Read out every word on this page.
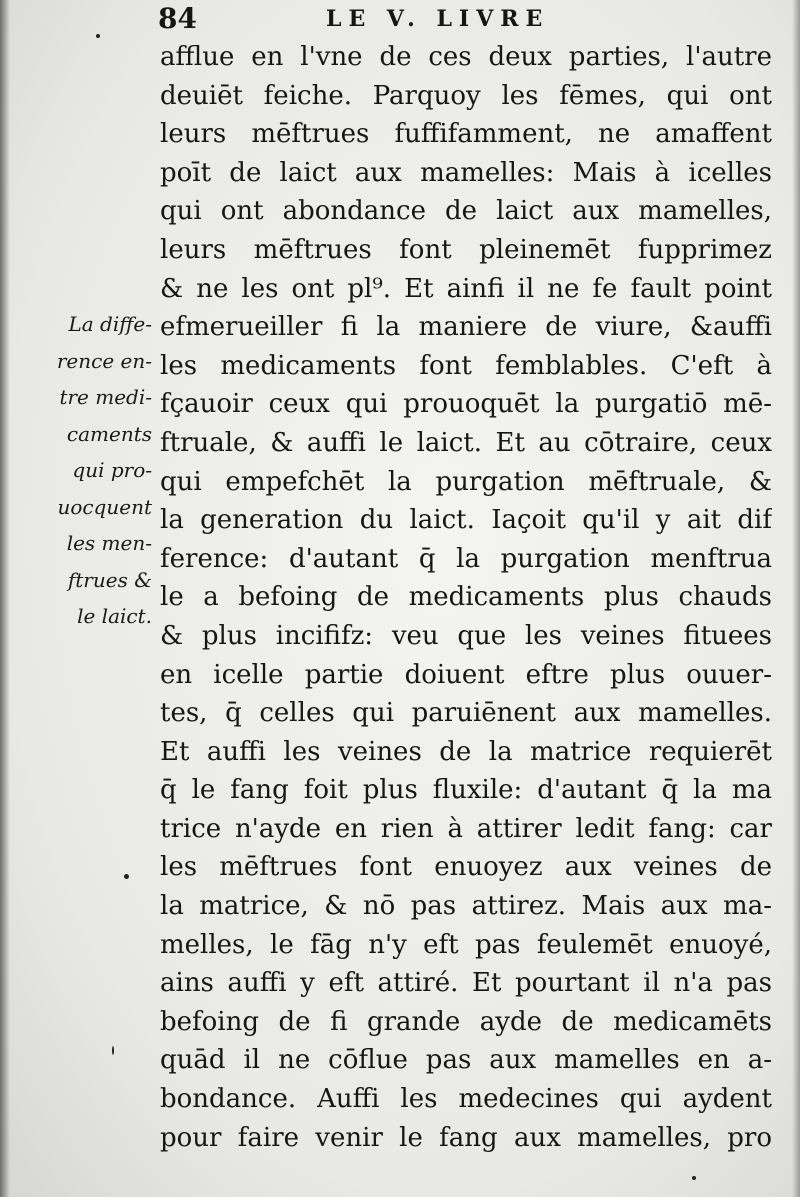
84	LE V. LIVRE
La diffe-
rence en-
tre medi-
caments
qui pro-
uocquent
les men-
ftrues &
le laict.
afflue en l'vne de ces deux parties, l'autre
deuiēt feiche. Parquoy les fēmes, qui ont
leurs mēftrues fuffifamment, ne amaffent
poīt de laict aux mamelles: Mais à icelles
qui ont abondance de laict aux mamelles,
leurs mēftrues font pleinemēt fupprimez
& ne les ont pl⁹. Et ainfi il ne fe fault point
efmerueiller fi la maniere de viure, &auffi
les medicaments font femblables. C'eft à
fçauoir ceux qui prouoquēt la purgatiō mē-
ftruale, & auffi le laict. Et au cōtraire, ceux
qui empefchēt la purgation mēftruale, &
la generation du laict. Iaçoit qu'il y ait dif
ference: d'autant q̄ la purgation menftrua
le a befoing de medicaments plus chauds
& plus incififz: veu que les veines fituees
en icelle partie doiuent eftre plus ouuer-
tes, q̄ celles qui paruiēnent aux mamelles.
Et auffi les veines de la matrice requierēt
q̄ le fang foit plus fluxile: d'autant q̄ la ma
trice n'ayde en rien à attirer ledit fang: car
les mēftrues font enuoyez aux veines de
la matrice, & nō pas attirez. Mais aux ma-
melles, le fāg n'y eft pas feulemēt enuoyé,
ains auffi y eft attiré. Et pourtant il n'a pas
befoing de fi grande ayde de medicamēts
quād il ne cōflue pas aux mamelles en a-
bondance. Auffi les medecines qui aydent
pour faire venir le fang aux mamelles, pro
